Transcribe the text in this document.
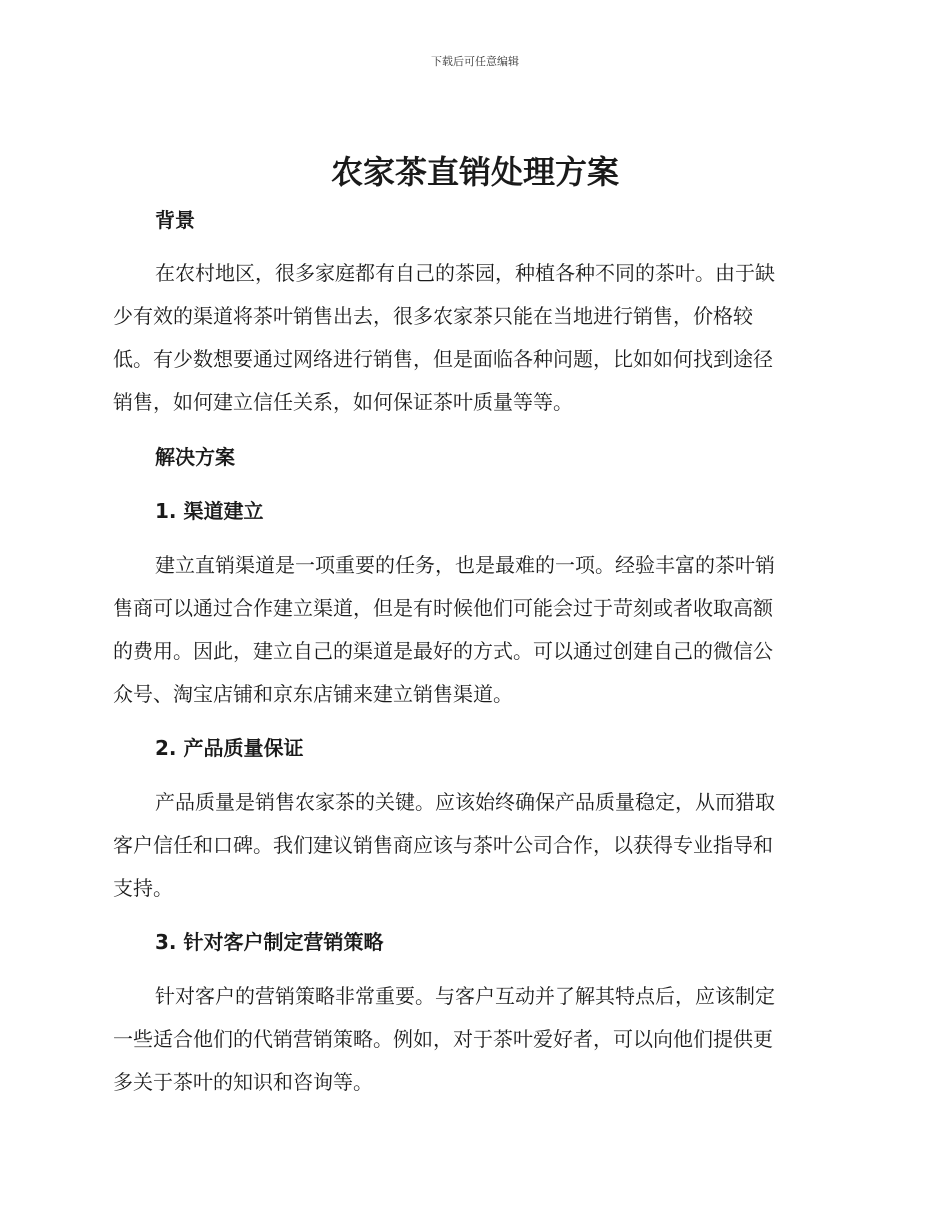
下载后可任意编辑
农家茶直销处理方案
背景
在农村地区，很多家庭都有自己的茶园，种植各种不同的茶叶。由于缺
少有效的渠道将茶叶销售出去，很多农家茶只能在当地进行销售，价格较
低。有少数想要通过网络进行销售，但是面临各种问题，比如如何找到途径
销售，如何建立信任关系，如何保证茶叶质量等等。
解决方案
1. 渠道建立
建立直销渠道是一项重要的任务，也是最难的一项。经验丰富的茶叶销
售商可以通过合作建立渠道，但是有时候他们可能会过于苛刻或者收取高额
的费用。因此，建立自己的渠道是最好的方式。可以通过创建自己的微信公
众号、淘宝店铺和京东店铺来建立销售渠道。
2. 产品质量保证
产品质量是销售农家茶的关键。应该始终确保产品质量稳定，从而猎取
客户信任和口碑。我们建议销售商应该与茶叶公司合作，以获得专业指导和
支持。
3. 针对客户制定营销策略
针对客户的营销策略非常重要。与客户互动并了解其特点后，应该制定
一些适合他们的代销营销策略。例如，对于茶叶爱好者，可以向他们提供更
多关于茶叶的知识和咨询等。
